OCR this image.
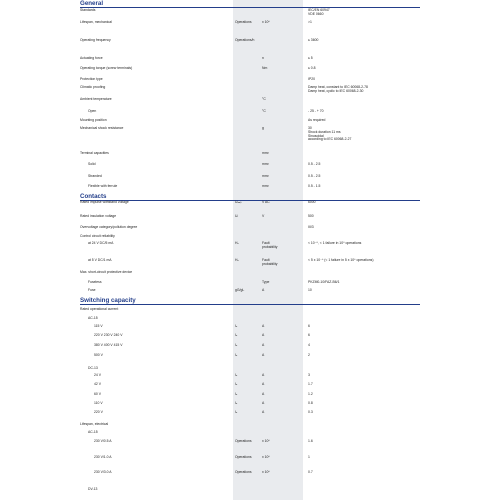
General
Standards	IEC/EN 60947
VDE 0660
Lifespan, mechanical	Operations	x 10⁶	>1
Operating frequency	Operations/h	≤ 3600
Actuating force	n	≤ 5
Operating torque (screw terminals)	Nm	≤ 0.8
Protection type	IP20
Climatic proofing	Damp heat, constant to IEC 60068-2-78
Damp heat, cyclic to IEC 60068-2-30
Ambient temperature	°C
Open	°C	- 25 - + 70
Mounting position	As required
Mechanical shock resistance	g	30
Shock duration 11 ms
Sinusoidal
according to IEC 60068-2-27
Terminal capacities	mm²
Solid	mm²	0.5 - 2.5
Stranded	mm²	0.5 - 2.5
Flexible with ferrule	mm²	0.5 - 1.5
Contacts
Rated impulse withstand voltage	Uᵢₘₚ	V AC	6000
Rated insulation voltage	Uᵢ	V	500
Overvoltage category/pollution degree	III/3
Control circuit reliability
at 24 V DC/5 mA	Hᵤ	Fault probability
< 10⁻⁸, < 1 failure in 10⁸ operations
at 5 V DC/1 mA	Hᵤ	Fault probability
< 5 x 10⁻⁶ (< 1 failure in 5 x 10⁶ operations)
Max. short-circuit protective device
Fuseless	Type	PKZM0-10/FAZ-B6/1
Fuse	gG/gL	A	10
Switching capacity
Rated operational current
AC-15
115 V	Iₑ	A	6
220 V 230 V 240 V	Iₑ	A	6
380 V 400 V 415 V	Iₑ	A	4
500 V	Iₑ	A	2
DC-13
24 V	Iₑ	A	3
42 V	Iₑ	A	1.7
60 V	Iₑ	A	1.2
110 V	Iₑ	A	0.8
220 V	Iₑ	A	0.3
Lifespan, electrical
AC-15
230 V/0.5 A	Operations	x 10⁶	1.6
230 V/1.0 A	Operations	x 10⁶	1
230 V/3.0 A	Operations	x 10⁶	0.7
DV-13
